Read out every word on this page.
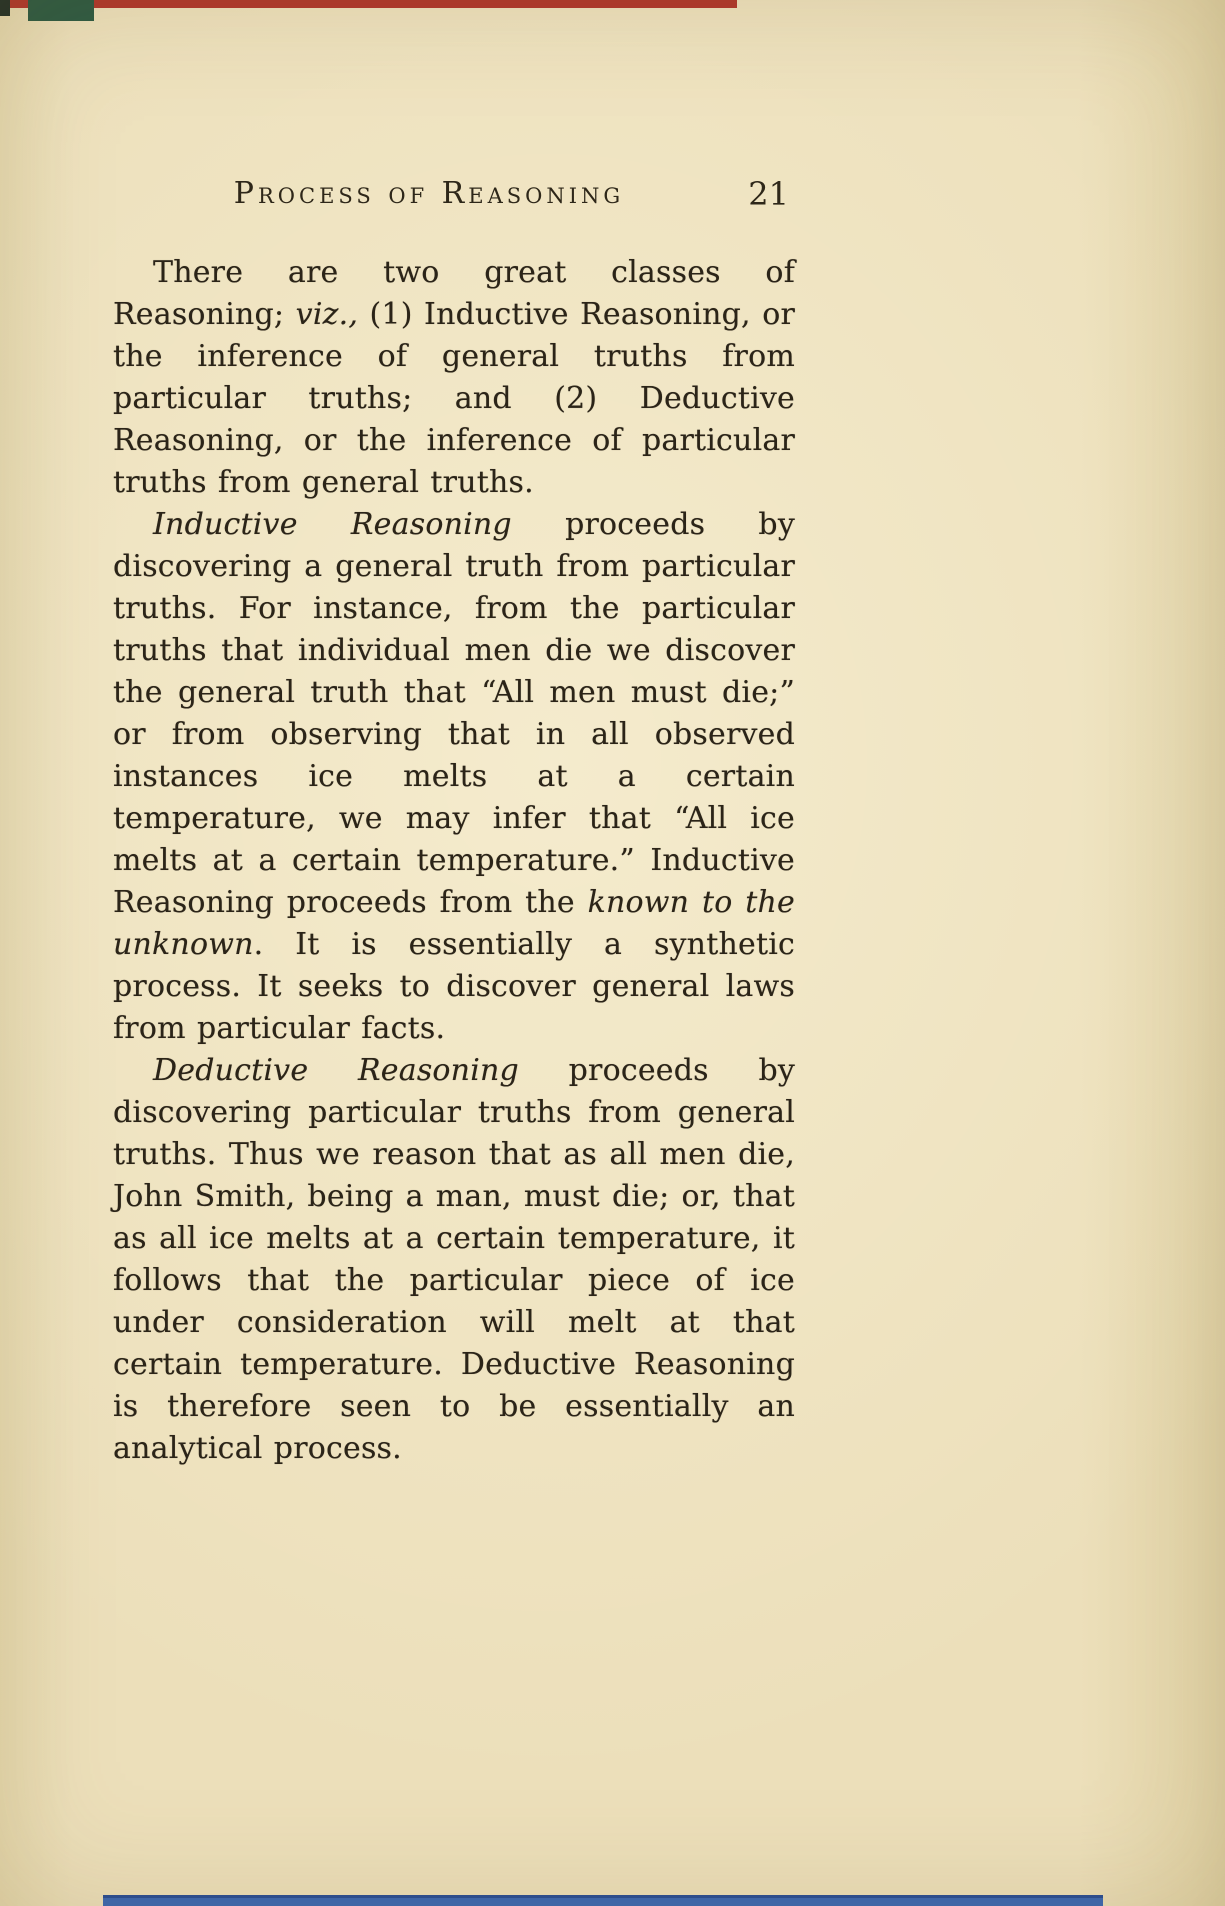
Process of Reasoning	21

There are two great classes of Reasoning; viz., (1) Inductive Reasoning, or the inference of general truths from particular truths; and (2) Deductive Reasoning, or the inference of particular truths from general truths.

Inductive Reasoning proceeds by discovering a general truth from particular truths. For instance, from the particular truths that individual men die we discover the general truth that “All men must die;” or from observing that in all observed instances ice melts at a certain temperature, we may infer that “All ice melts at a certain temperature.” Inductive Reasoning proceeds from the known to the unknown. It is essentially a synthetic process. It seeks to discover general laws from particular facts.

Deductive Reasoning proceeds by discovering particular truths from general truths. Thus we reason that as all men die, John Smith, being a man, must die; or, that as all ice melts at a certain temperature, it follows that the particular piece of ice under consideration will melt at that certain temperature. Deductive Reasoning is therefore seen to be essentially an analytical process.
